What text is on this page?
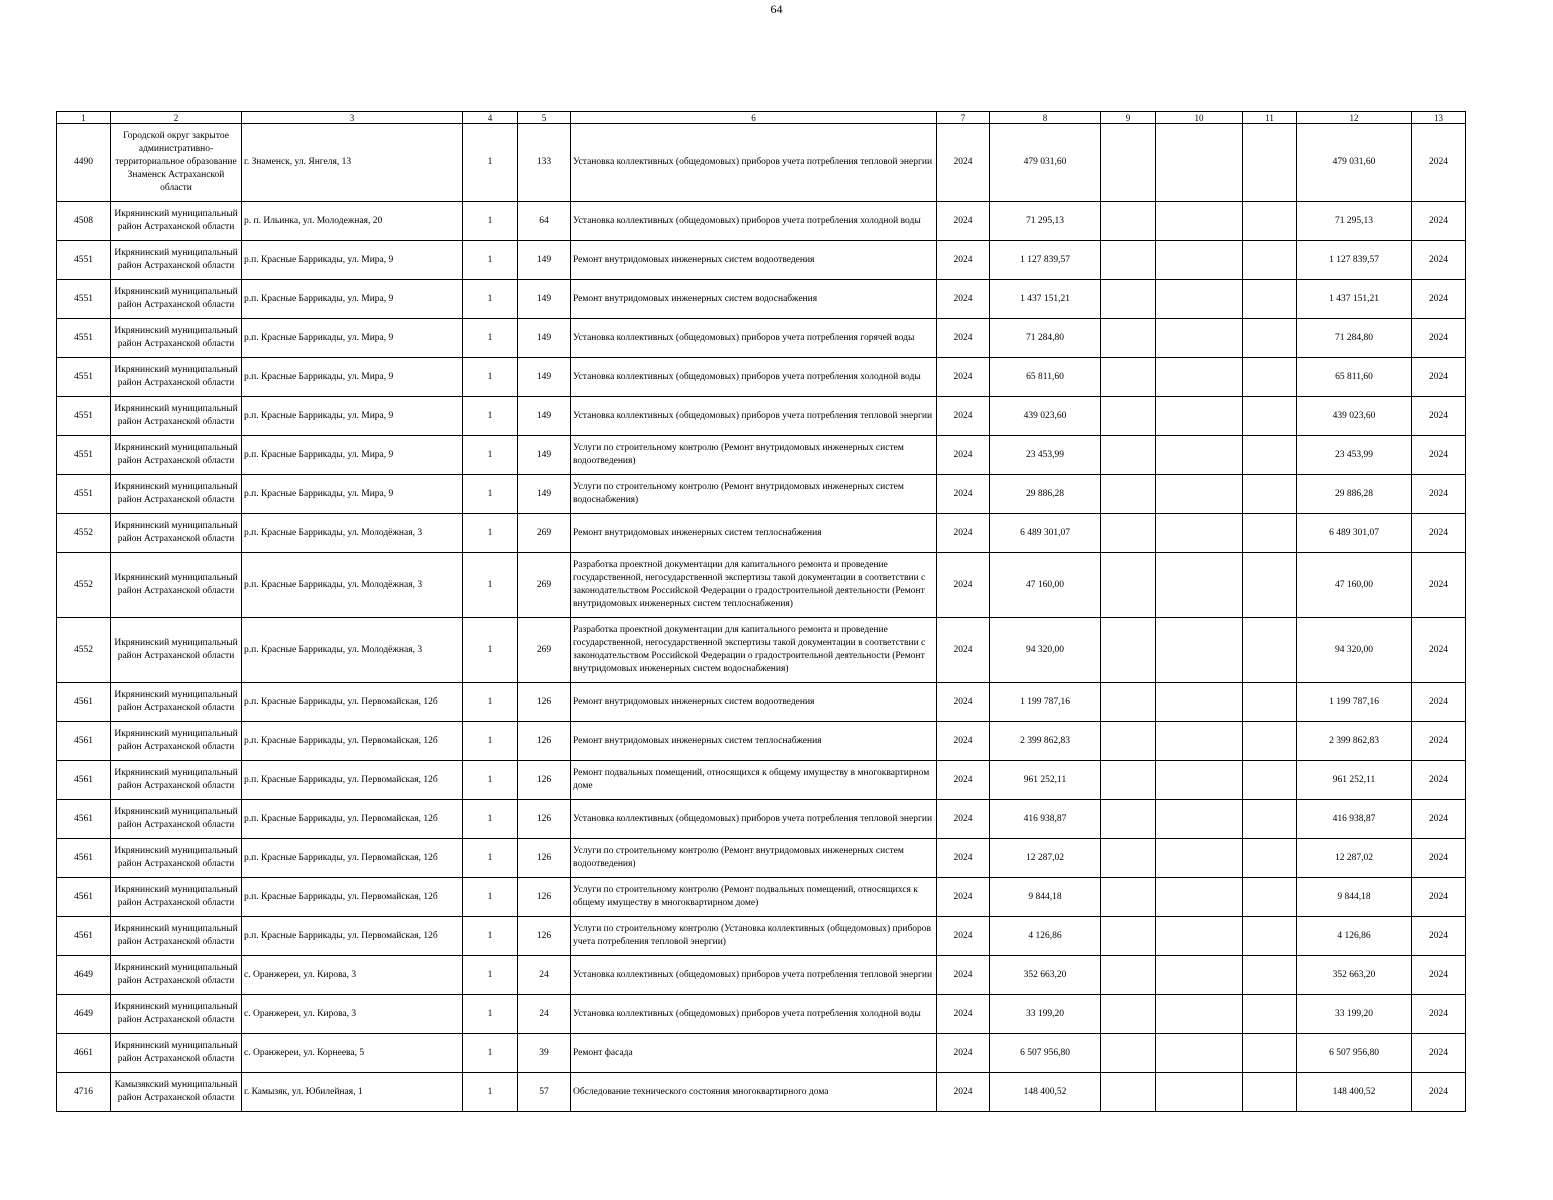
64
1	2	3	4	5	6	7	8	9	10	11	12	13
4490	Городской округ закрытое административно-территориальное образование Знаменск Астраханской области	г. Знаменск, ул. Янгеля, 13	1	133	Установка коллективных (общедомовых) приборов учета потребления тепловой энергии	2024	479 031,60				479 031,60	2024
4508	Икрянинский муниципальный район Астраханской области	р. п. Ильинка, ул. Молодежная, 20	1	64	Установка коллективных (общедомовых) приборов учета потребления холодной воды	2024	71 295,13				71 295,13	2024
4551	Икрянинский муниципальный район Астраханской области	р.п. Красные Баррикады, ул. Мира, 9	1	149	Ремонт внутридомовых инженерных систем водоотведения	2024	1 127 839,57				1 127 839,57	2024
4551	Икрянинский муниципальный район Астраханской области	р.п. Красные Баррикады, ул. Мира, 9	1	149	Ремонт внутридомовых инженерных систем водоснабжения	2024	1 437 151,21				1 437 151,21	2024
4551	Икрянинский муниципальный район Астраханской области	р.п. Красные Баррикады, ул. Мира, 9	1	149	Установка коллективных (общедомовых) приборов учета потребления горячей воды	2024	71 284,80				71 284,80	2024
4551	Икрянинский муниципальный район Астраханской области	р.п. Красные Баррикады, ул. Мира, 9	1	149	Установка коллективных (общедомовых) приборов учета потребления холодной воды	2024	65 811,60				65 811,60	2024
4551	Икрянинский муниципальный район Астраханской области	р.п. Красные Баррикады, ул. Мира, 9	1	149	Установка коллективных (общедомовых) приборов учета потребления тепловой энергии	2024	439 023,60				439 023,60	2024
4551	Икрянинский муниципальный район Астраханской области	р.п. Красные Баррикады, ул. Мира, 9	1	149	Услуги по строительному контролю (Ремонт внутридомовых инженерных систем водоотведения)	2024	23 453,99				23 453,99	2024
4551	Икрянинский муниципальный район Астраханской области	р.п. Красные Баррикады, ул. Мира, 9	1	149	Услуги по строительному контролю (Ремонт внутридомовых инженерных систем водоснабжения)	2024	29 886,28				29 886,28	2024
4552	Икрянинский муниципальный район Астраханской области	р.п. Красные Баррикады, ул. Молодёжная, 3	1	269	Ремонт внутридомовых инженерных систем теплоснабжения	2024	6 489 301,07				6 489 301,07	2024
4552	Икрянинский муниципальный район Астраханской области	р.п. Красные Баррикады, ул. Молодёжная, 3	1	269	Разработка проектной документации для капитального ремонта и проведение государственной, негосударственной экспертизы такой документации в соответствии с законодательством Российской Федерации о градостроительной деятельности (Ремонт внутридомовых инженерных систем теплоснабжения)	2024	47 160,00				47 160,00	2024
4552	Икрянинский муниципальный район Астраханской области	р.п. Красные Баррикады, ул. Молодёжная, 3	1	269	Разработка проектной документации для капитального ремонта и проведение государственной, негосударственной экспертизы такой документации в соответствии с законодательством Российской Федерации о градостроительной деятельности (Ремонт внутридомовых инженерных систем водоснабжения)	2024	94 320,00				94 320,00	2024
4561	Икрянинский муниципальный район Астраханской области	р.п. Красные Баррикады, ул. Первомайская, 12б	1	126	Ремонт внутридомовых инженерных систем водоотведения	2024	1 199 787,16				1 199 787,16	2024
4561	Икрянинский муниципальный район Астраханской области	р.п. Красные Баррикады, ул. Первомайская, 12б	1	126	Ремонт внутридомовых инженерных систем теплоснабжения	2024	2 399 862,83				2 399 862,83	2024
4561	Икрянинский муниципальный район Астраханской области	р.п. Красные Баррикады, ул. Первомайская, 12б	1	126	Ремонт подвальных помещений, относящихся к общему имуществу в многоквартирном доме	2024	961 252,11				961 252,11	2024
4561	Икрянинский муниципальный район Астраханской области	р.п. Красные Баррикады, ул. Первомайская, 12б	1	126	Установка коллективных (общедомовых) приборов учета потребления тепловой энергии	2024	416 938,87				416 938,87	2024
4561	Икрянинский муниципальный район Астраханской области	р.п. Красные Баррикады, ул. Первомайская, 12б	1	126	Услуги по строительному контролю (Ремонт внутридомовых инженерных систем водоотведения)	2024	12 287,02				12 287,02	2024
4561	Икрянинский муниципальный район Астраханской области	р.п. Красные Баррикады, ул. Первомайская, 12б	1	126	Услуги по строительному контролю (Ремонт подвальных помещений, относящихся к общему имуществу в многоквартирном доме)	2024	9 844,18				9 844,18	2024
4561	Икрянинский муниципальный район Астраханской области	р.п. Красные Баррикады, ул. Первомайская, 12б	1	126	Услуги по строительному контролю (Установка коллективных (общедомовых) приборов учета потребления тепловой энергии)	2024	4 126,86				4 126,86	2024
4649	Икрянинский муниципальный район Астраханской области	с. Оранжереи, ул. Кирова, 3	1	24	Установка коллективных (общедомовых) приборов учета потребления тепловой энергии	2024	352 663,20				352 663,20	2024
4649	Икрянинский муниципальный район Астраханской области	с. Оранжереи, ул. Кирова, 3	1	24	Установка коллективных (общедомовых) приборов учета потребления холодной воды	2024	33 199,20				33 199,20	2024
4661	Икрянинский муниципальный район Астраханской области	с. Оранжереи, ул. Корнеева, 5	1	39	Ремонт фасада	2024	6 507 956,80				6 507 956,80	2024
4716	Камызякский муниципальный район Астраханской области	г. Камызяк, ул. Юбилейная, 1	1	57	Обследование технического состояния многоквартирного дома	2024	148 400,52				148 400,52	2024
